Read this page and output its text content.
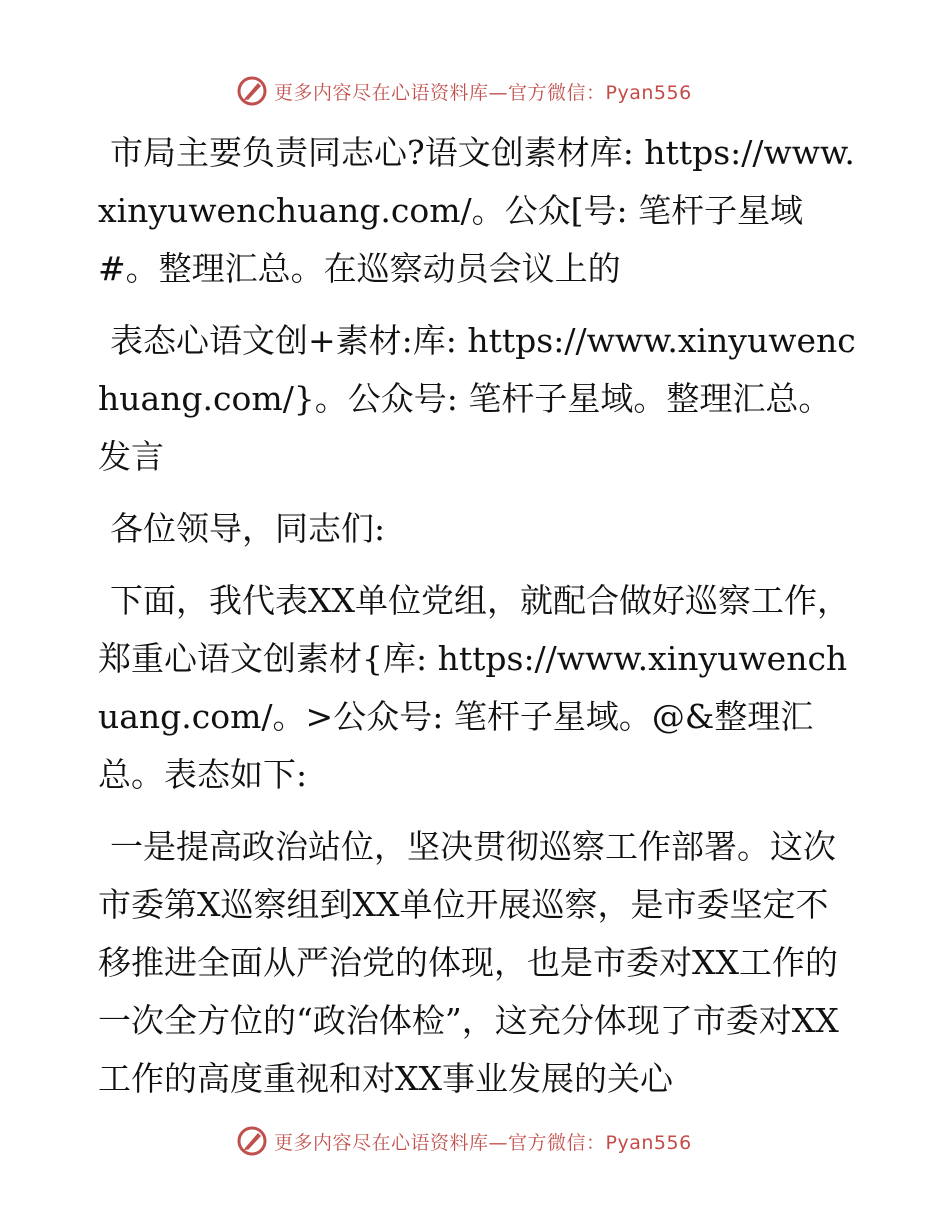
更多内容尽在心语资料库—官方微信：Pyan556

市局主要负责同志心?语文创素材库: https://www.xinyuwenchuang.com/。公众[号: 笔杆子星域#。整理汇总。在巡察动员会议上的

表态心语文创+素材:库: https://www.xinyuwenchuang.com/}。公众号: 笔杆子星域。整理汇总。发言

各位领导，同志们:

下面，我代表XX单位党组，就配合做好巡察工作，郑重心语文创素材{库: https://www.xinyuwenchuang.com/。>公众号: 笔杆子星域。@&整理汇总。表态如下:

一是提高政治站位，坚决贯彻巡察工作部署。这次市委第X巡察组到XX单位开展巡察，是市委坚定不移推进全面从严治党的体现，也是市委对XX工作的一次全方位的“政治体检”，这充分体现了市委对XX工作的高度重视和对XX事业发展的关心

更多内容尽在心语资料库—官方微信：Pyan556
